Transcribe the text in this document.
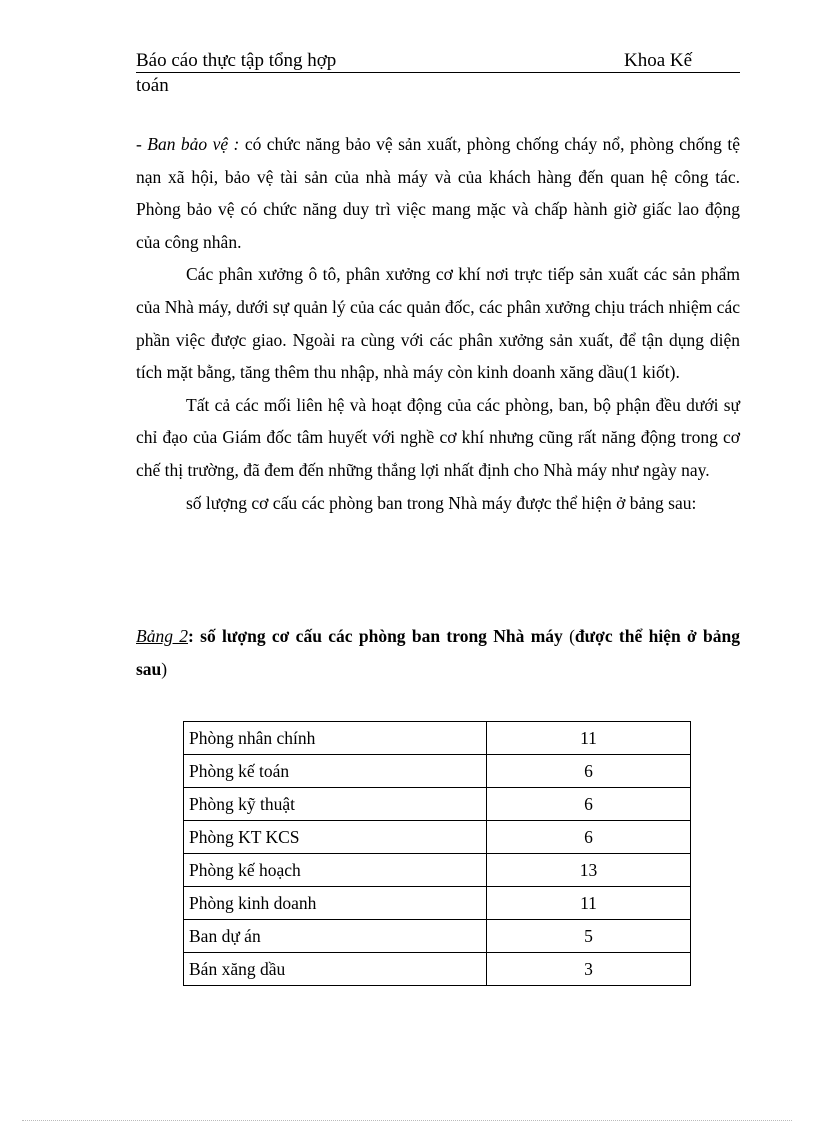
Báo cáo thực tập tổng hợp	Khoa Kế
toán

- Ban bảo vệ : có chức năng bảo vệ sản xuất, phòng chống cháy nổ, phòng chống tệ nạn xã hội, bảo vệ tài sản của nhà máy và của khách hàng đến quan hệ công tác. Phòng bảo vệ có chức năng duy trì việc mang mặc và chấp hành giờ giấc lao động của công nhân.

Các phân xưởng ô tô, phân xưởng cơ khí nơi trực tiếp sản xuất các sản phẩm của Nhà máy, dưới sự quản lý của các quản đốc, các phân xưởng chịu trách nhiệm các phần việc được giao. Ngoài ra cùng với các phân xưởng sản xuất, để tận dụng diện tích mặt bằng, tăng thêm thu nhập, nhà máy còn kinh doanh xăng dầu(1 kiốt).

Tất cả các mối liên hệ và hoạt động của các phòng, ban, bộ phận đều dưới sự chỉ đạo của Giám đốc tâm huyết với nghề cơ khí nhưng cũng rất năng động trong cơ chế thị trường, đã đem đến những thắng lợi nhất định cho Nhà máy như ngày nay.

số lượng cơ cấu các phòng ban trong Nhà máy được thể hiện ở bảng sau:

Bảng 2: số lượng cơ cấu các phòng ban trong Nhà máy (được thể hiện ở bảng sau)
Phòng nhân chính	11
Phòng kế toán	6
Phòng kỹ thuật	6
Phòng KT KCS	6
Phòng kế hoạch	13
Phòng kinh doanh	11
Ban dự án	5
Bán xăng dầu	3
